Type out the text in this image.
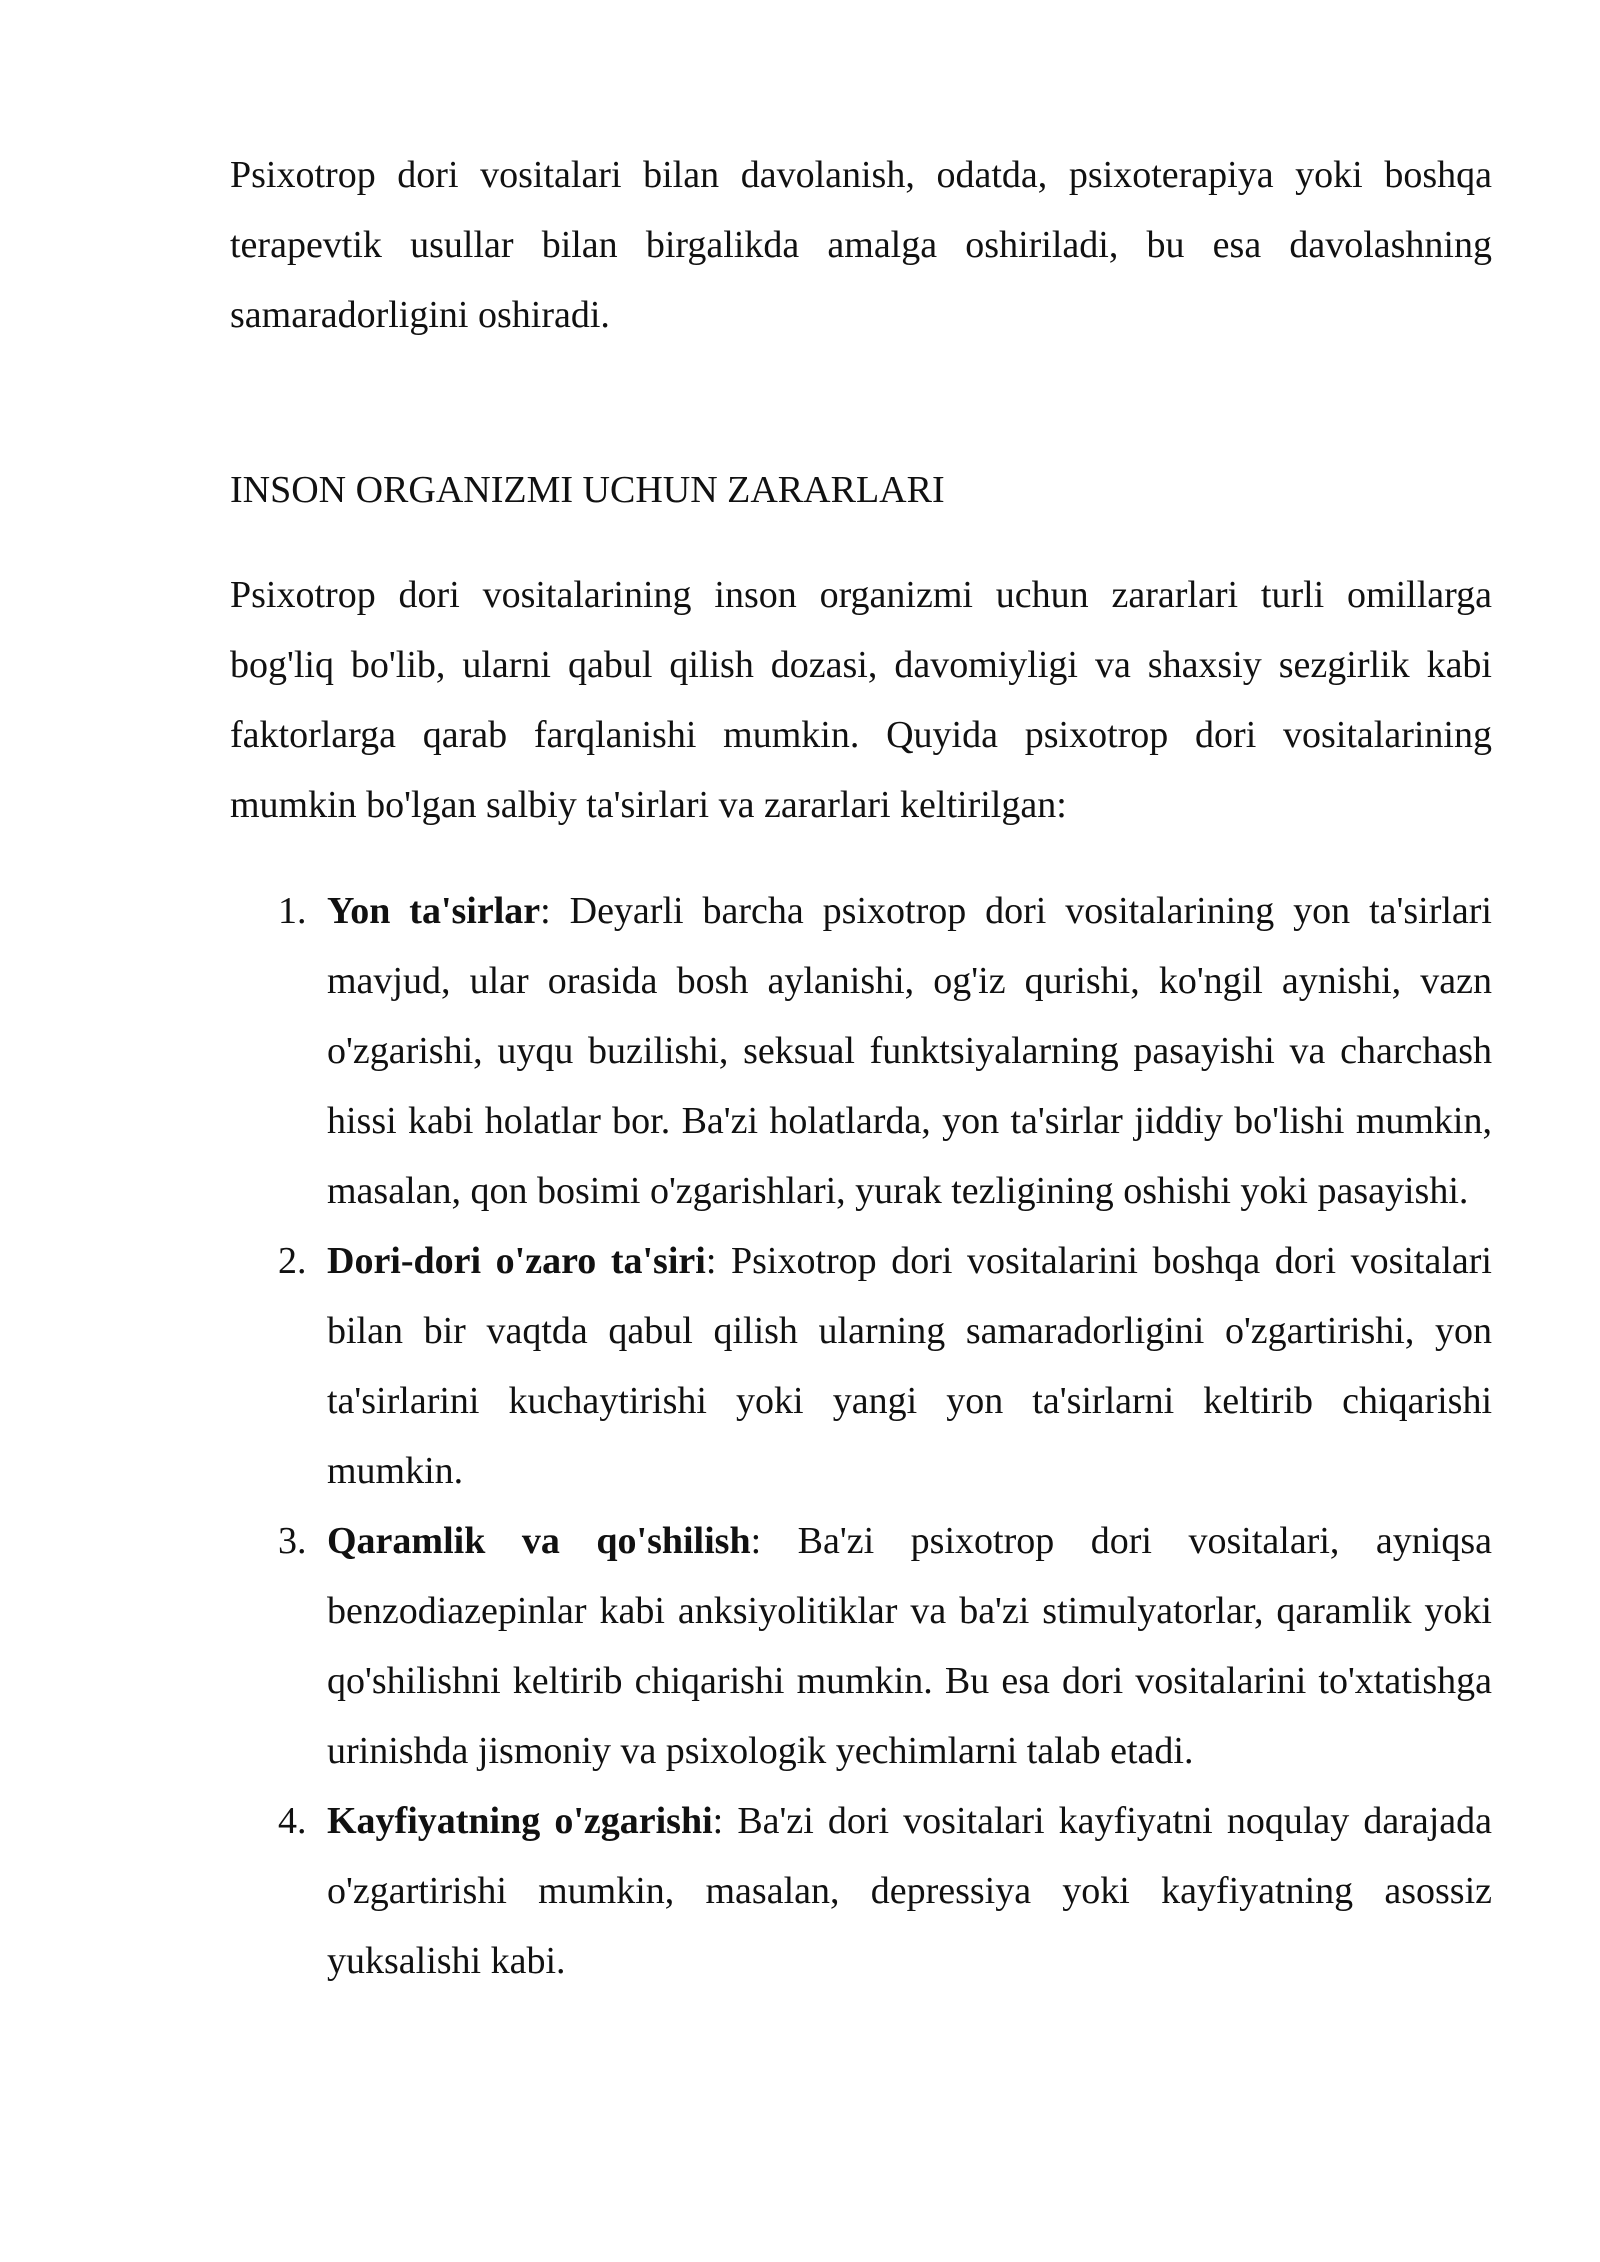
Psixotrop dori vositalari bilan davolanish, odatda, psixoterapiya yoki boshqa terapevtik usullar bilan birgalikda amalga oshiriladi, bu esa davolashning samaradorligini oshiradi.

INSON ORGANIZMI UCHUN ZARARLARI

Psixotrop dori vositalarining inson organizmi uchun zararlari turli omillarga bog'liq bo'lib, ularni qabul qilish dozasi, davomiyligi va shaxsiy sezgirlik kabi faktorlarga qarab farqlanishi mumkin. Quyida psixotrop dori vositalarining mumkin bo'lgan salbiy ta'sirlari va zararlari keltirilgan:

1. Yon ta'sirlar: Deyarli barcha psixotrop dori vositalarining yon ta'sirlari mavjud, ular orasida bosh aylanishi, og'iz qurishi, ko'ngil aynishi, vazn o'zgarishi, uyqu buzilishi, seksual funktsiyalarning pasayishi va charchash hissi kabi holatlar bor. Ba'zi holatlarda, yon ta'sirlar jiddiy bo'lishi mumkin, masalan, qon bosimi o'zgarishlari, yurak tezligining oshishi yoki pasayishi.
2. Dori-dori o'zaro ta'siri: Psixotrop dori vositalarini boshqa dori vositalari bilan bir vaqtda qabul qilish ularning samaradorligini o'zgartirishi, yon ta'sirlarini kuchaytirishi yoki yangi yon ta'sirlarni keltirib chiqarishi mumkin.
3. Qaramlik va qo'shilish: Ba'zi psixotrop dori vositalari, ayniqsa benzodiazepinlar kabi anksiyolitiklar va ba'zi stimulyatorlar, qaramlik yoki qo'shilishni keltirib chiqarishi mumkin. Bu esa dori vositalarini to'xtatishga urinishda jismoniy va psixologik yechimlarni talab etadi.
4. Kayfiyatning o'zgarishi: Ba'zi dori vositalari kayfiyatni noqulay darajada o'zgartirishi mumkin, masalan, depressiya yoki kayfiyatning asossiz yuksalishi kabi.
